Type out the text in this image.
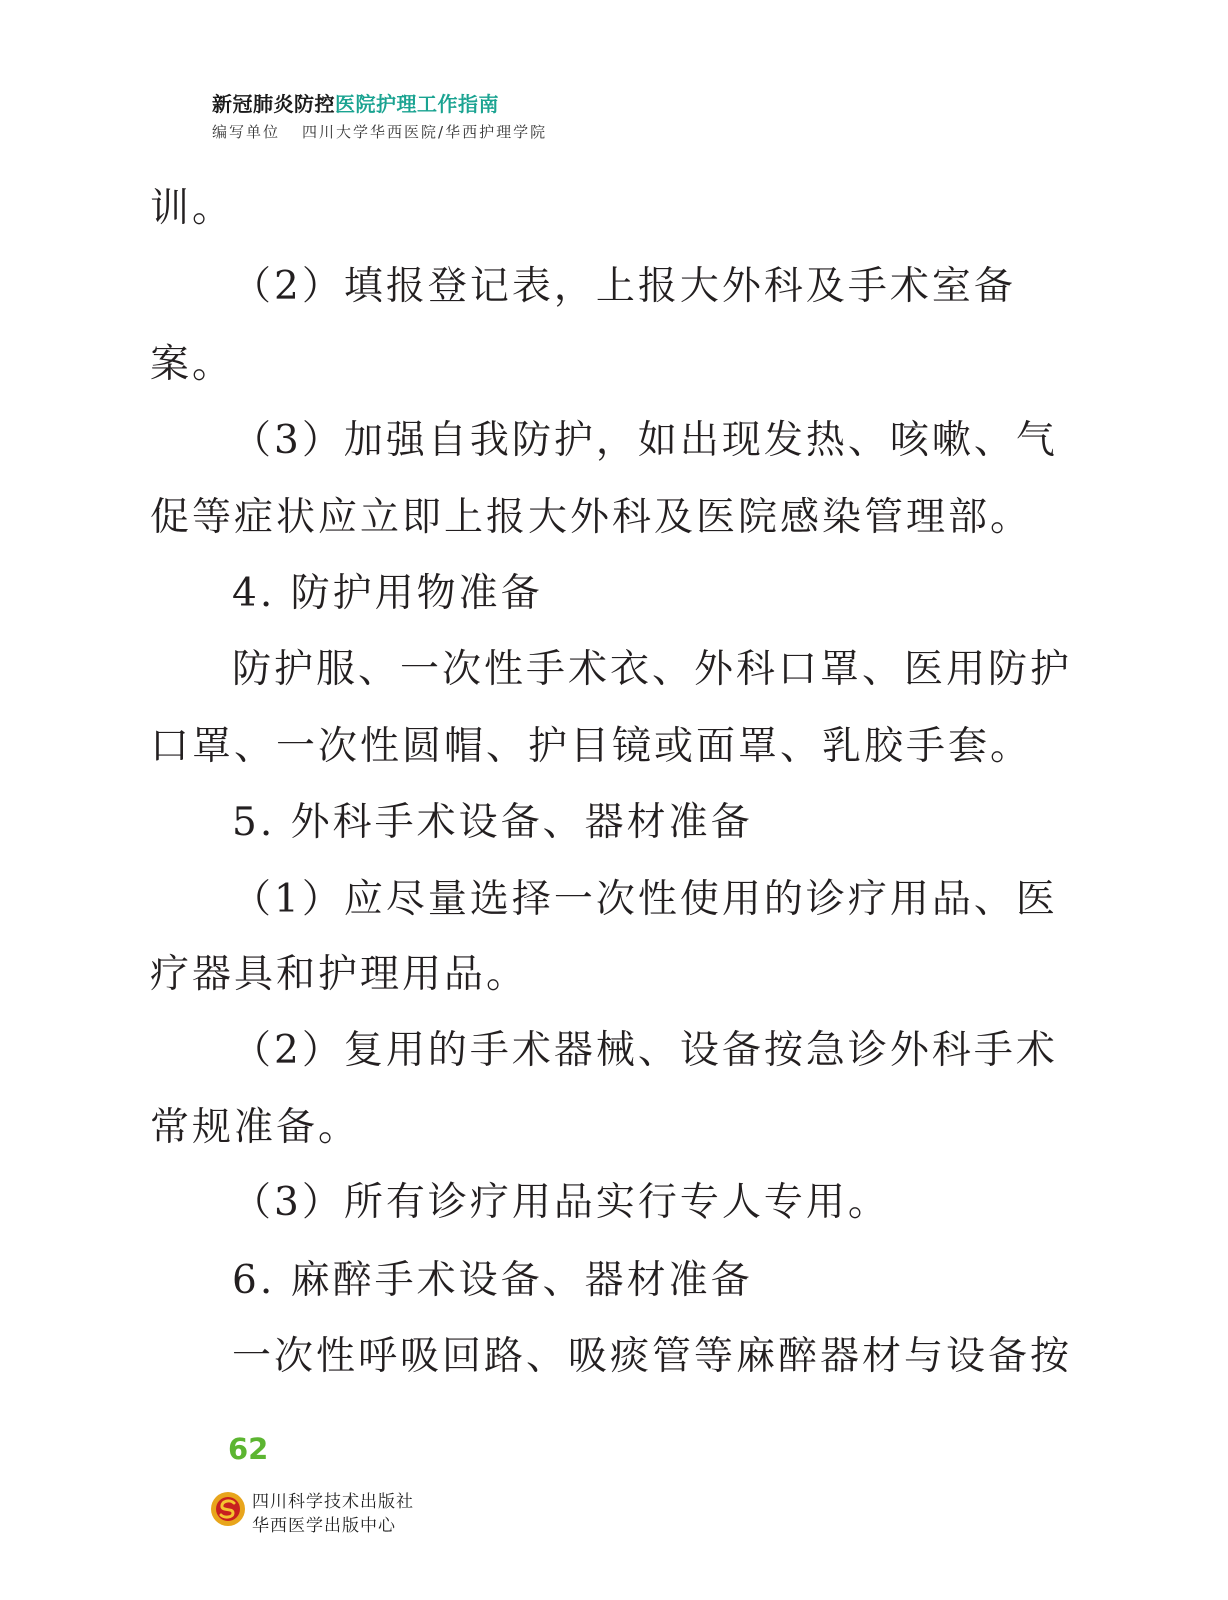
新冠肺炎防控医院护理工作指南
编写单位 四川大学华西医院/华西护理学院
训。
（2）填报登记表，上报大外科及手术室备
案。
（3）加强自我防护，如出现发热、咳嗽、气
促等症状应立即上报大外科及医院感染管理部。
4. 防护用物准备
防护服、一次性手术衣、外科口罩、医用防护
口罩、一次性圆帽、护目镜或面罩、乳胶手套。
5. 外科手术设备、器材准备
（1）应尽量选择一次性使用的诊疗用品、医
疗器具和护理用品。
（2）复用的手术器械、设备按急诊外科手术
常规准备。
（3）所有诊疗用品实行专人专用。
6. 麻醉手术设备、器材准备
一次性呼吸回路、吸痰管等麻醉器材与设备按
62
四川科学技术出版社
华西医学出版中心
